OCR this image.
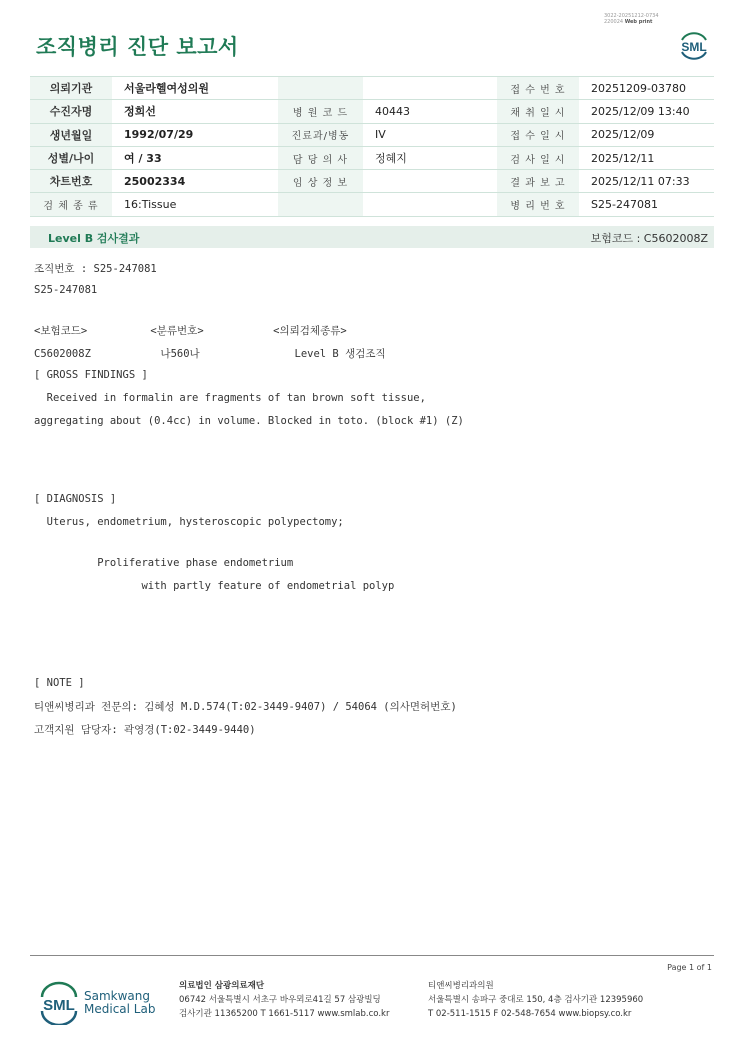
조직병리 진단 보고서
3022-20251212-0734
220024 Web print
SML
의뢰기관	서울라헬여성의원			접 수 번 호	20251209-03780
수진자명	정희선	병 원 코 드	40443	채 취 일 시	2025/12/09 13:40
생년월일	1992/07/29	진료과/병동	IV	접 수 일 시	2025/12/09
성별/나이	여 / 33	담 당 의 사	정혜지	검 사 일 시	2025/12/11
차트번호	25002334	임 상 정 보		결 과 보 고	2025/12/11 07:33
검 체 종 류	16:Tissue			병 리 번 호	S25-247081
Level B 검사결과	보험코드 : C5602008Z
조직번호 : S25-247081
S25-247081
<보험코드>          <분류번호>           <의뢰검체종류>
C5602008Z           나560나               Level B 생검조직
[ GROSS FINDINGS ]
Received in formalin are fragments of tan brown soft tissue,
aggregating about (0.4cc) in volume. Blocked in toto. (block #1) (Z)
[ DIAGNOSIS ]
Uterus, endometrium, hysteroscopic polypectomy;
Proliferative phase endometrium
with partly feature of endometrial polyp
[ NOTE ]
티앤씨병리과 전문의: 김혜성 M.D.574(T:02-3449-9407) / 54064 (의사면허번호)
고객지원 담당자: 곽영경(T:02-3449-9440)
Page 1 of 1
SML
Samkwang
Medical Lab
의료법인 삼광의료재단
06742 서울특별시 서초구 바우뫼로41길 57 삼광빌딩
검사기관 11365200 T 1661-5117 www.smlab.co.kr
티앤씨병리과의원
서울특별시 송파구 중대로 150, 4층 검사기관 12395960
T 02-511-1515 F 02-548-7654 www.biopsy.co.kr
